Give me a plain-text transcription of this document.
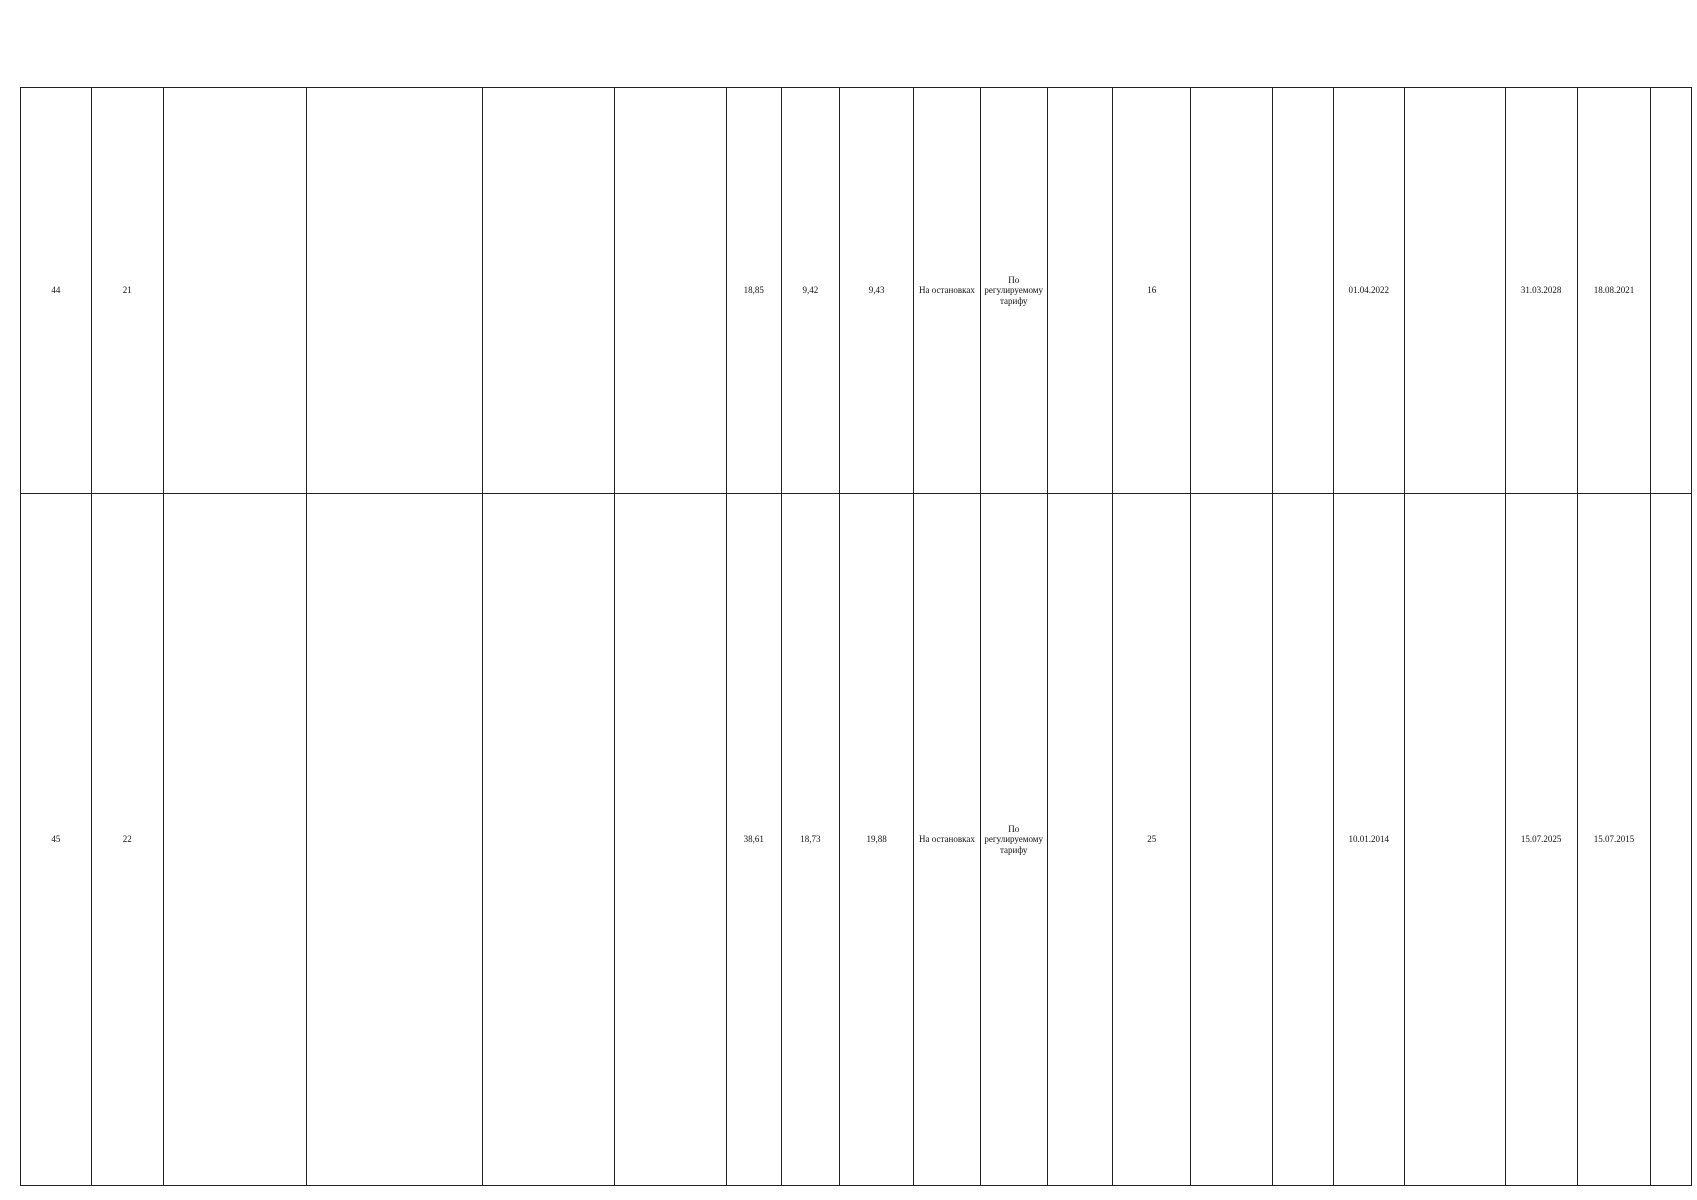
44	21					18,85	9,42	9,43	На остановках	По регулируемому тарифу		16			01.04.2022		31.03.2028	18.08.2021	
45	22					38,61	18,73	19,88	На остановках	По регулируемому тарифу		25			10.01.2014		15.07.2025	15.07.2015	
